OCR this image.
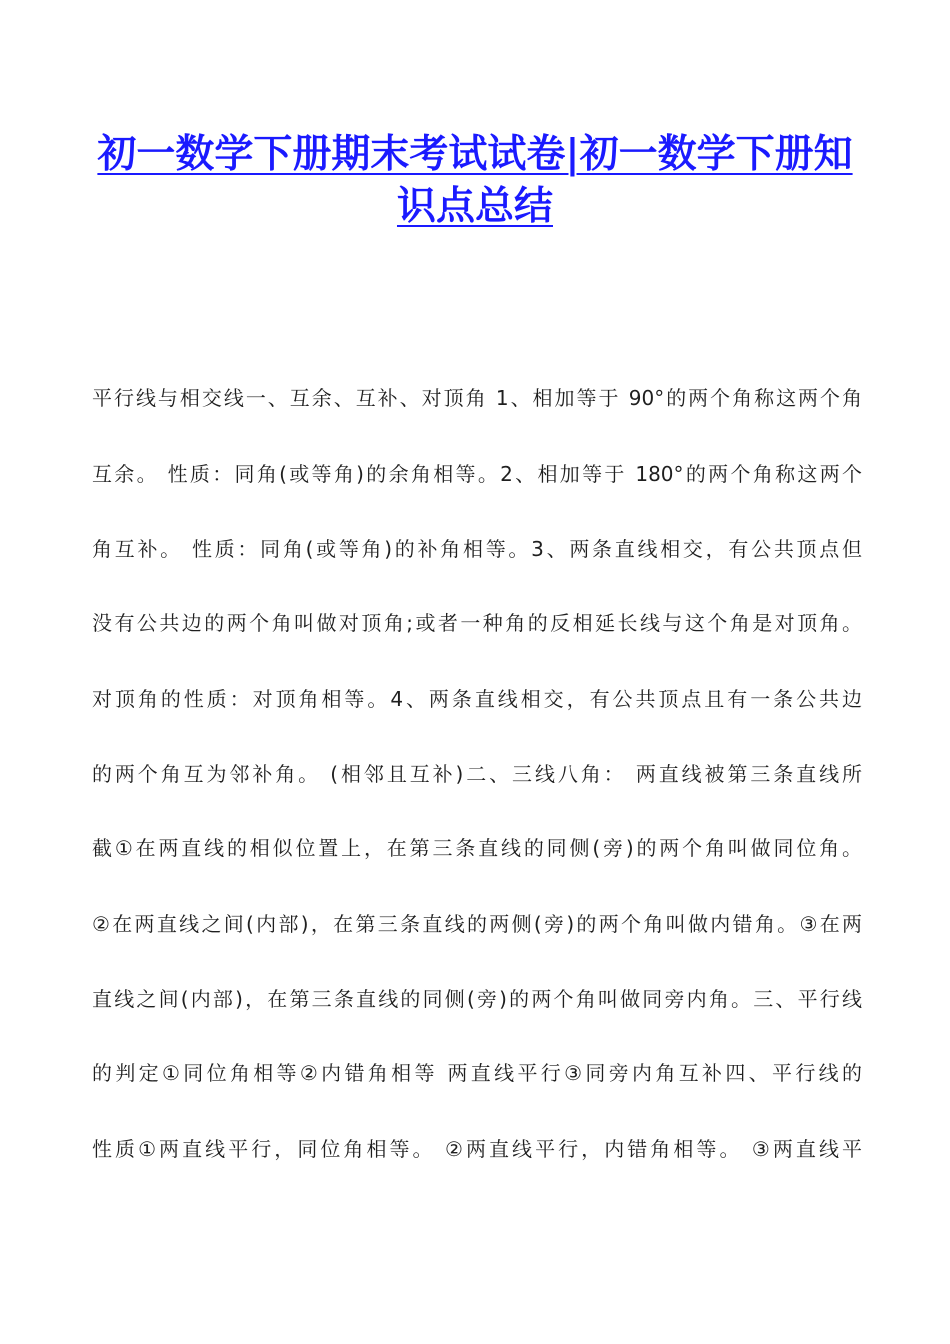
初一数学下册期末考试试卷|初一数学下册知识点总结
平行线与相交线一、互余、互补、对顶角 1、相加等于 90°的两个角称这两个角
互余。 性质：同角(或等角)的余角相等。2、相加等于 180°的两个角称这两个
角互补。 性质：同角(或等角)的补角相等。3、两条直线相交，有公共顶点但
没有公共边的两个角叫做对顶角;或者一种角的反相延长线与这个角是对顶角。
对顶角的性质：对顶角相等。4、两条直线相交，有公共顶点且有一条公共边
的两个角互为邻补角。 (相邻且互补)二、三线八角： 两直线被第三条直线所
截①在两直线的相似位置上，在第三条直线的同侧(旁)的两个角叫做同位角。
②在两直线之间(内部)，在第三条直线的两侧(旁)的两个角叫做内错角。③在两
直线之间(内部)，在第三条直线的同侧(旁)的两个角叫做同旁内角。三、平行线
的判定①同位角相等②内错角相等 两直线平行③同旁内角互补四、平行线的
性质①两直线平行，同位角相等。 ②两直线平行，内错角相等。 ③两直线平
